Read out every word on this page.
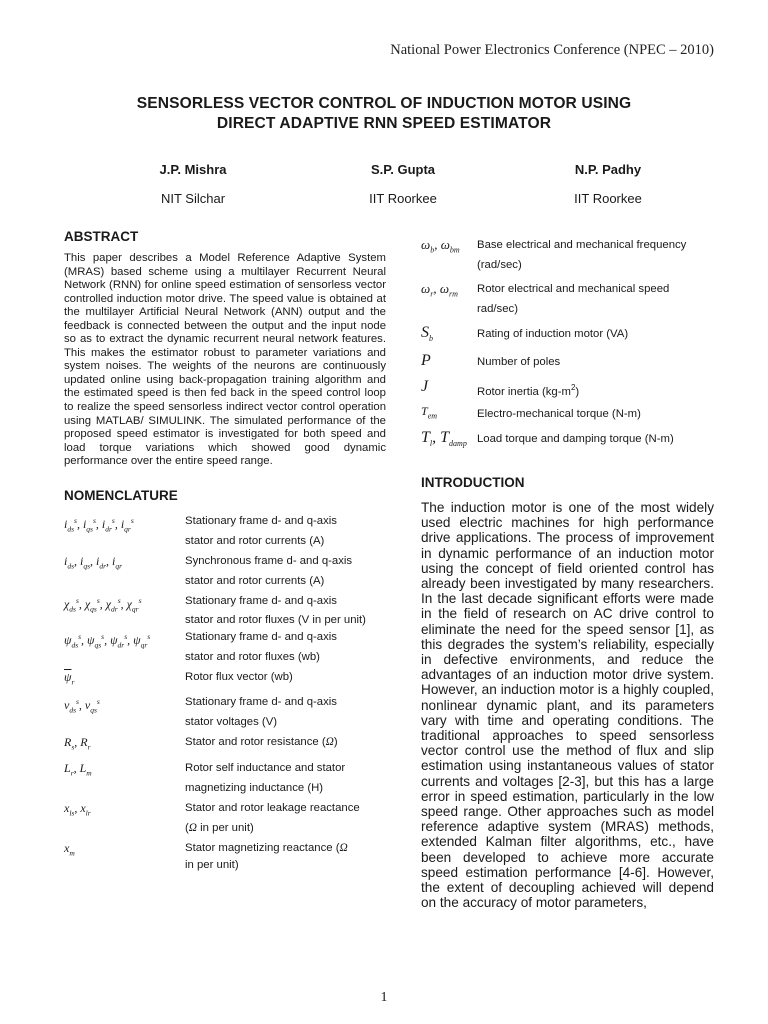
National Power Electronics Conference (NPEC – 2010)
SENSORLESS VECTOR CONTROL OF INDUCTION MOTOR USING
DIRECT ADAPTIVE RNN SPEED ESTIMATOR
J.P. Mishra
NIT Silchar
S.P. Gupta
IIT Roorkee
N.P. Padhy
IIT Roorkee
ABSTRACT
This paper describes a Model Reference Adaptive System (MRAS) based scheme using a multilayer Recurrent Neural Network (RNN) for online speed estimation of sensorless vector controlled induction motor drive. The speed value is obtained at the multilayer Artificial Neural Network (ANN) output and the feedback is connected between the output and the input node so as to extract the dynamic recurrent neural network features. This makes the estimator robust to parameter variations and system noises. The weights of the neurons are continuously updated online using back-propagation training algorithm and the estimated speed is then fed back in the speed control loop to realize the speed sensorless indirect vector control operation using MATLAB/ SIMULINK. The simulated performance of the proposed speed estimator is investigated for both speed and load torque variations which showed good dynamic performance over the entire speed range.
NOMENCLATURE
$i_{ds}^s$, $i_{qs}^s$, $i_{dr}^s$, $i_{qr}^s$	Stationary frame d- and q-axis
stator and rotor currents (A)
$i_{ds}$, $i_{qs}$, $i_{dr}$, $i_{qr}$	Synchronous frame d- and q-axis
stator and rotor currents (A)
$\chi_{ds}^s$, $\chi_{qs}^s$, $\chi_{dr}^s$, $\chi_{qr}^s$	Stationary frame d- and q-axis
stator and rotor fluxes (V in per unit)
$\psi_{ds}^s$, $\psi_{qs}^s$, $\psi_{dr}^s$, $\psi_{qr}^s$	Stationary frame d- and q-axis
stator and rotor fluxes (wb)
$\overline{\psi}_r$	Rotor flux vector (wb)
$v_{ds}^s$, $v_{qs}^s$	Stationary frame d- and q-axis
stator voltages (V)
$R_s$, $R_r$	Stator and rotor resistance (Ω)
$L_r$, $L_m$	Rotor self inductance and stator
magnetizing inductance (H)
$x_{ls}$, $x_{lr}$	Stator and rotor leakage reactance
(Ω in per unit)
$x_m$	Stator magnetizing reactance (Ω
in per unit)
$\omega_b$, $\omega_{bm}$	Base electrical and mechanical frequency
(rad/sec)
$\omega_r$, $\omega_{rm}$	Rotor electrical and mechanical speed
rad/sec)
$S_b$	Rating of induction motor (VA)
P	Number of poles
J	Rotor inertia $(kg-m^2)$
$T_{em}$	Electro-mechanical torque (N-m)
$T_l$, $T_{damp}$ Load torque and damping torque (N-m)
INTRODUCTION
The induction motor is one of the most widely used electric machines for high performance drive applications. The process of improvement in dynamic performance of an induction motor using the concept of field oriented control has already been investigated by many researchers. In the last decade significant efforts were made in the field of research on AC drive control to eliminate the need for the speed sensor [1], as this degrades the system’s reliability, especially in defective environments, and reduce the advantages of an induction motor drive system. However, an induction motor is a highly coupled, nonlinear dynamic plant, and its parameters vary with time and operating conditions. The traditional approaches to speed sensorless vector control use the method of flux and slip estimation using instantaneous values of stator currents and voltages [2-3], but this has a large error in speed estimation, particularly in the low speed range. Other approaches such as model reference adaptive system (MRAS) methods, extended Kalman filter algorithms, etc., have been developed to achieve more accurate speed estimation performance [4-6]. However, the extent of decoupling achieved will depend on the accuracy of motor parameters,
1
